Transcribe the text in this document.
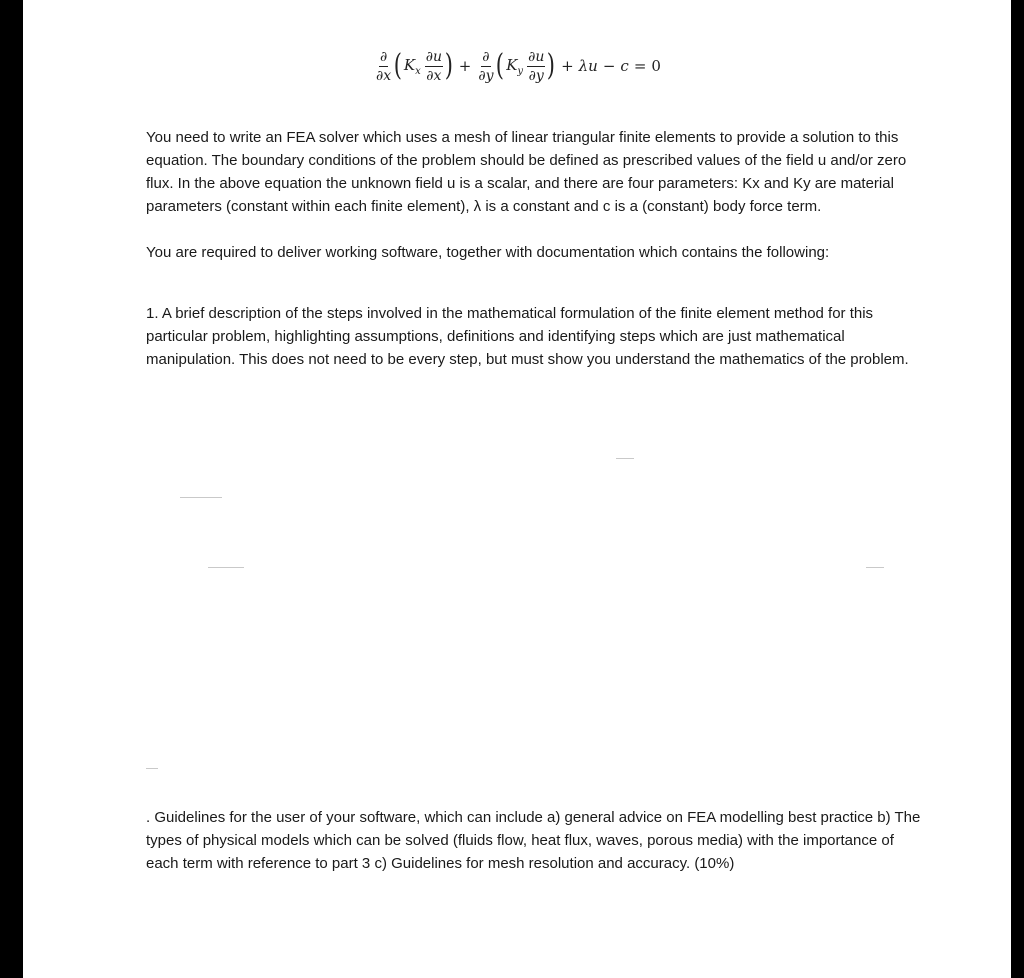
$\frac{\partial}{\partial x}$ ( $K_x \frac{\partial u}{\partial x}$ ) + $\frac{\partial}{\partial y}$ ( $K_y \frac{\partial u}{\partial y}$ ) + λu − c = 0

You need to write an FEA solver which uses a mesh of linear triangular finite elements to provide a solution to this equation. The boundary conditions of the problem should be defined as prescribed values of the field u and/or zero flux. In the above equation the unknown field u is a scalar, and there are four parameters: Kx and Ky are material parameters (constant within each finite element), λ is a constant and c is a (constant) body force term.

You are required to deliver working software, together with documentation which contains the following:

1. A brief description of the steps involved in the mathematical formulation of the finite element method for this particular problem, highlighting assumptions, definitions and identifying steps which are just mathematical manipulation. This does not need to be every step, but must show you understand the mathematics of the problem.

. Guidelines for the user of your software, which can include a) general advice on FEA modelling best practice b) The types of physical models which can be solved (fluids flow, heat flux, waves, porous media) with the importance of each term with reference to part 3 c) Guidelines for mesh resolution and accuracy. (10%)
